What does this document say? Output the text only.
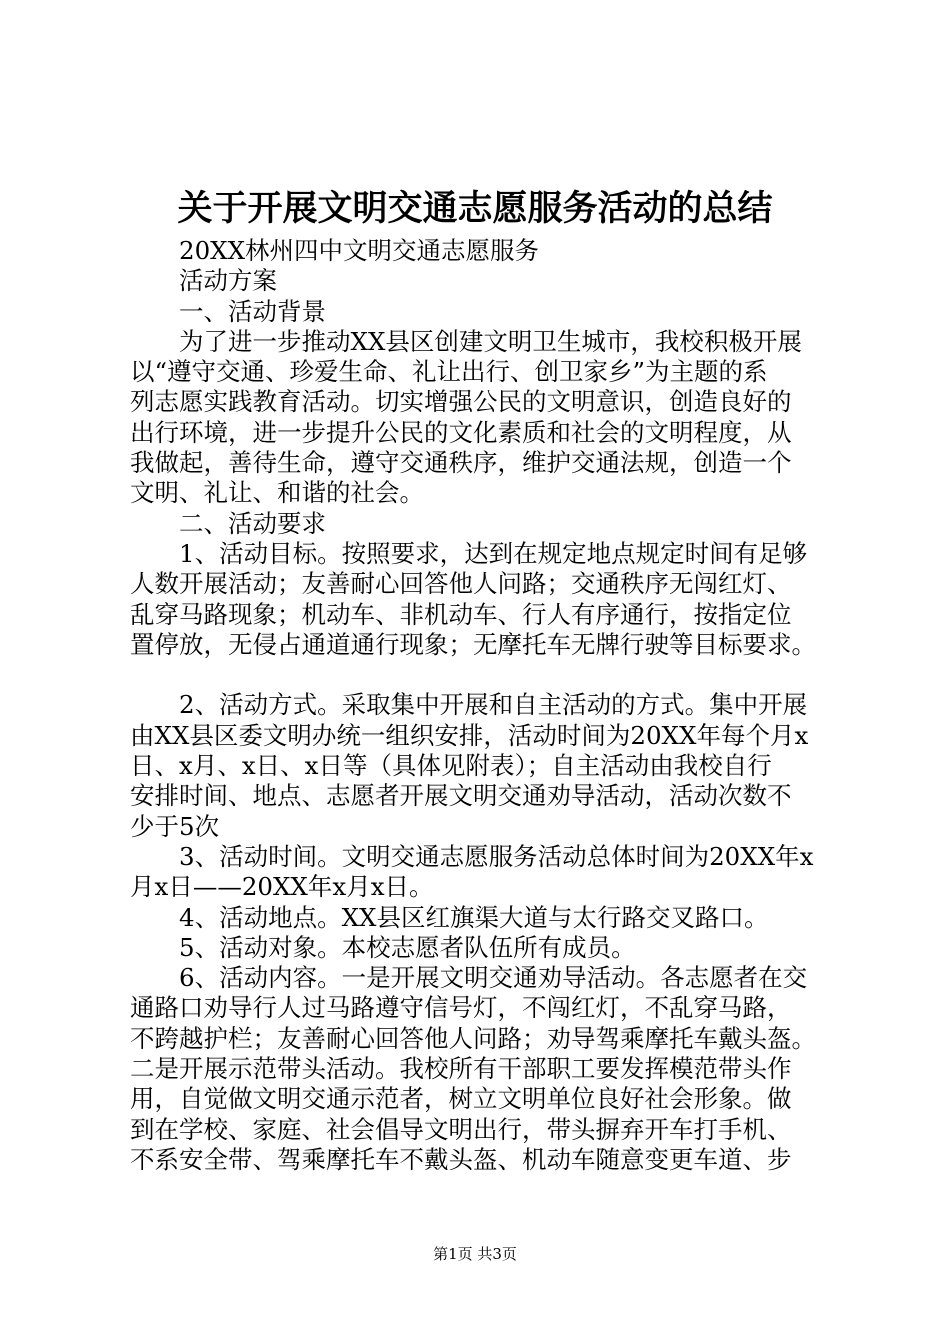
关于开展文明交通志愿服务活动的总结
20XX林州四中文明交通志愿服务
活动方案
一、活动背景
为了进一步推动XX县区创建文明卫生城市，我校积极开展
以“遵守交通、珍爱生命、礼让出行、创卫家乡”为主题的系
列志愿实践教育活动。切实增强公民的文明意识，创造良好的
出行环境，进一步提升公民的文化素质和社会的文明程度，从
我做起，善待生命，遵守交通秩序，维护交通法规，创造一个
文明、礼让、和谐的社会。
二、活动要求
1、活动目标。按照要求，达到在规定地点规定时间有足够
人数开展活动；友善耐心回答他人问路；交通秩序无闯红灯、
乱穿马路现象；机动车、非机动车、行人有序通行，按指定位
置停放，无侵占通道通行现象；无摩托车无牌行驶等目标要求。
2、活动方式。采取集中开展和自主活动的方式。集中开展
由XX县区委文明办统一组织安排，活动时间为20XX年每个月x
日、x月、x日、x日等（具体见附表）；自主活动由我校自行
安排时间、地点、志愿者开展文明交通劝导活动，活动次数不
少于5次
3、活动时间。文明交通志愿服务活动总体时间为20XX年x
月x日——20XX年x月x日。
4、活动地点。XX县区红旗渠大道与太行路交叉路口。
5、活动对象。本校志愿者队伍所有成员。
6、活动内容。一是开展文明交通劝导活动。各志愿者在交
通路口劝导行人过马路遵守信号灯，不闯红灯，不乱穿马路，
不跨越护栏；友善耐心回答他人问路；劝导驾乘摩托车戴头盔。
二是开展示范带头活动。我校所有干部职工要发挥模范带头作
用，自觉做文明交通示范者，树立文明单位良好社会形象。做
到在学校、家庭、社会倡导文明出行，带头摒弃开车打手机、
不系安全带、驾乘摩托车不戴头盔、机动车随意变更车道、步
第1页 共3页
